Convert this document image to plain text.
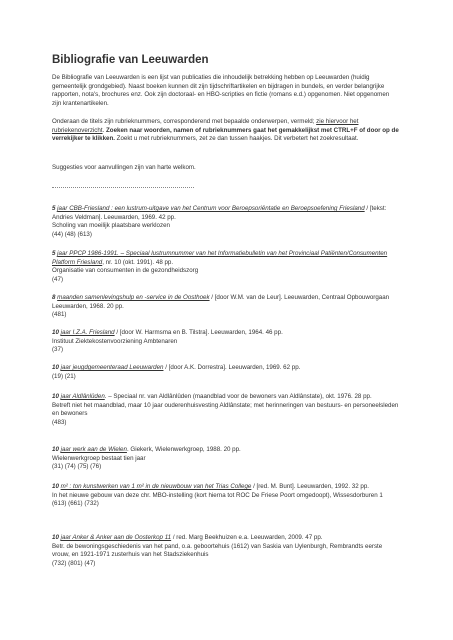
Bibliografie van Leeuwarden
De Bibliografie van Leeuwarden is een lijst van publicaties die inhoudelijk betrekking hebben op Leeuwarden (huidig gemeentelijk grondgebied). Naast boeken kunnen dit zijn tijdschriftartikelen en bijdragen in bundels, en verder belangrijke rapporten, nota's, brochures enz. Ook zijn doctoraal- en HBO-scripties en fictie (romans e.d.) opgenomen. Niet opgenomen zijn krantenartikelen.
Onderaan de titels zijn rubrieknummers, corresponderend met bepaalde onderwerpen, vermeld; zie hiervoor het rubriekenoverzicht. Zoeken naar woorden, namen of rubrieknummers gaat het gemakkelijkst met CTRL+F of door op de verrekijker te klikken. Zoekt u met rubrieknummers, zet ze dan tussen haakjes. Dit verbetert het zoekresultaat.
Suggesties voor aanvullingen zijn van harte welkom.
5 jaar CBB-Friesland : een lustrum-uitgave van het Centrum voor Beroepsoriëntatie en Beroepsoefening Friesland / [tekst: Andries Veldman]. Leeuwarden, 1969. 42 pp.
Scholing van moeilijk plaatsbare werklozen
(44) (48) (613)
5 jaar PPCP 1986-1991. – Speciaal lustrumnummer van het Informatiebulletin van het Provinciaal Patiënten/Consumenten Platform Friesland, nr. 10 (okt. 1991). 48 pp.
Organisatie van consumenten in de gezondheidszorg
(47)
8 maanden samenlevingshulp en -service in de Oosthoek / [door W.M. van de Leur]. Leeuwarden, Centraal Opbouworgaan Leeuwarden, 1968. 20 pp.
(481)
10 jaar I.Z.A. Friesland / [door W. Harmsma en B. Tilstra]. Leeuwarden, 1964. 46 pp.
Instituut Ziektekostenvoorziening Ambtenaren
(37)
10 jaar jeugdgemeenteraad Leeuwarden / [door A.K. Dorrestra]. Leeuwarden, 1969. 62 pp.
(19) (21)
10 jaar Aldlânlûden. – Speciaal nr. van Aldlânlûden (maandblad voor de bewoners van Aldlânstate), okt. 1976. 28 pp.
Betreft niet het maandblad, maar 10 jaar ouderenhuisvesting Aldlânstate; met herinneringen van bestuurs- en personeelsleden en bewoners
(483)
10 jaar werk aan de Wielen. Giekerk, Wielenwerkgroep, 1988. 20 pp.
Wielenwerkgroep bestaat tien jaar
(31) (74) (75) (76)
10 m² : ton kunstwerken van 1 m² in de nieuwbouw van het Trias College / [red. M. Bunt]. Leeuwarden, 1992. 32 pp.
In het nieuwe gebouw van deze chr. MBO-instelling (kort hierna tot ROC De Friese Poort omgedoopt), Wissesdorburen 1
(613) (661) (732)
10 jaar Anker & Anker aan de Oosterkop 11 / red. Marg Beekhuizen e.a. Leeuwarden, 2009. 47 pp.
Betr. de bewoningsgeschiedenis van het pand, o.a. geboortehuis (1612) van Saskia van Uylenburgh, Rembrandts eerste vrouw, en 1921-1971 zusterhuis van het Stadsziekenhuis
(732) (801) (47)
